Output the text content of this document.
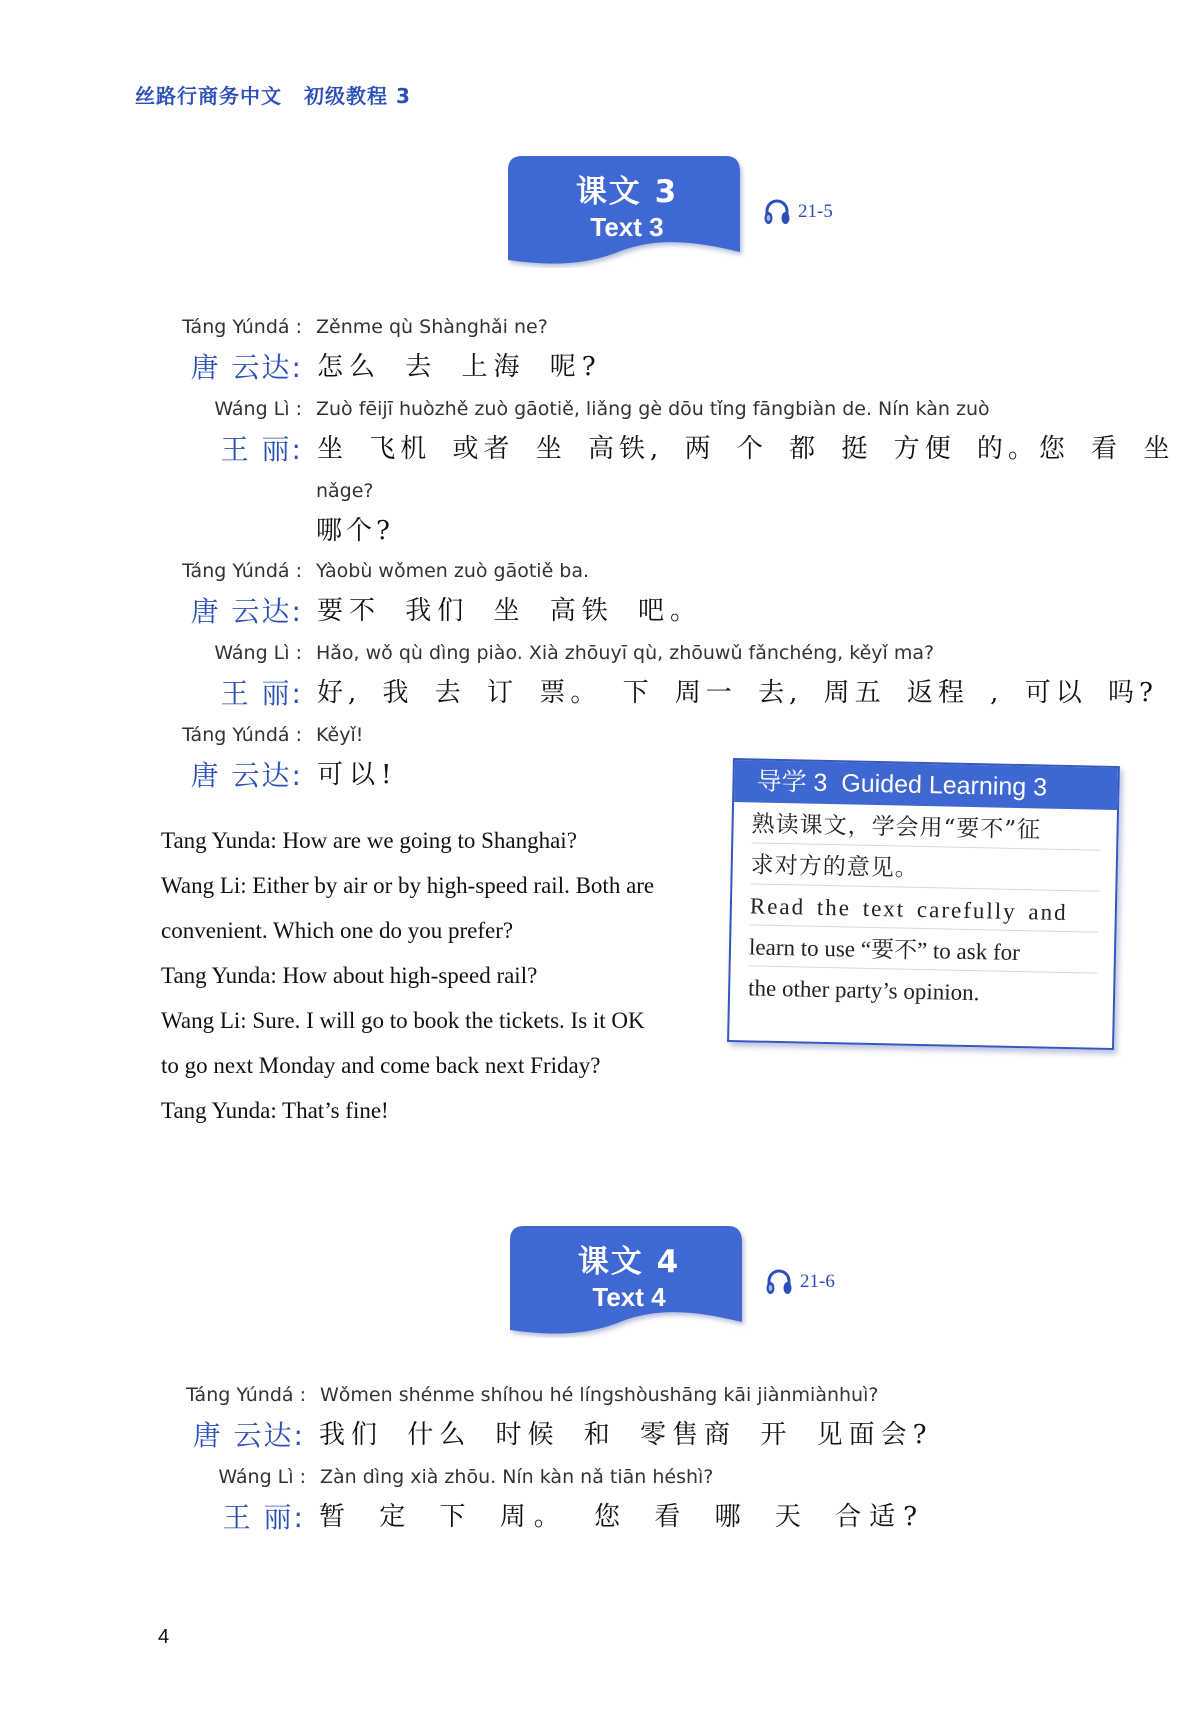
丝路行商务中文 初级教程 3
课文 3
Text 3
21-5
Táng Yúndá : Zěnme qù Shànghǎi ne?
唐 云达: 怎么 去 上海 呢?
Wáng Lì : Zuò fēijī huòzhě zuò gāotiě, liǎng gè dōu tǐng fāngbiàn de. Nín kàn zuò
王 丽: 坐 飞机 或者 坐 高铁, 两 个 都 挺 方便 的。您 看 坐
nǎge?
哪个?
Táng Yúndá : Yàobù wǒmen zuò gāotiě ba.
唐 云达: 要不 我们 坐 高铁 吧。
Wáng Lì : Hǎo, wǒ qù dìng piào. Xià zhōuyī qù, zhōuwǔ fǎnchéng, kěyǐ ma?
王 丽: 好, 我 去 订 票。 下 周一 去, 周五 返程 , 可以 吗?
Táng Yúndá : Kěyǐ!
唐 云达: 可以!

Tang Yunda: How are we going to Shanghai?

Wang Li: Either by air or by high-speed rail. Both are

convenient. Which one do you prefer?

Tang Yunda: How about high-speed rail?

Wang Li: Sure. I will go to book the tickets. Is it OK

to go next Monday and come back next Friday?

Tang Yunda: That’s fine!

导学 3 Guided Learning 3
熟读课文，学会用“要不”征
求对方的意见。
Read the text carefully and
learn to use “要不” to ask for
the other party’s opinion.
课文 4
Text 4
21-6
Táng Yúndá : Wǒmen shénme shíhou hé língshòushāng kāi jiànmiànhuì?
唐 云达: 我们 什么 时候 和 零售商 开 见面会?
Wáng Lì : Zàn dìng xià zhōu. Nín kàn nǎ tiān héshì?
王 丽: 暂 定 下 周。 您 看 哪 天 合适?
4
